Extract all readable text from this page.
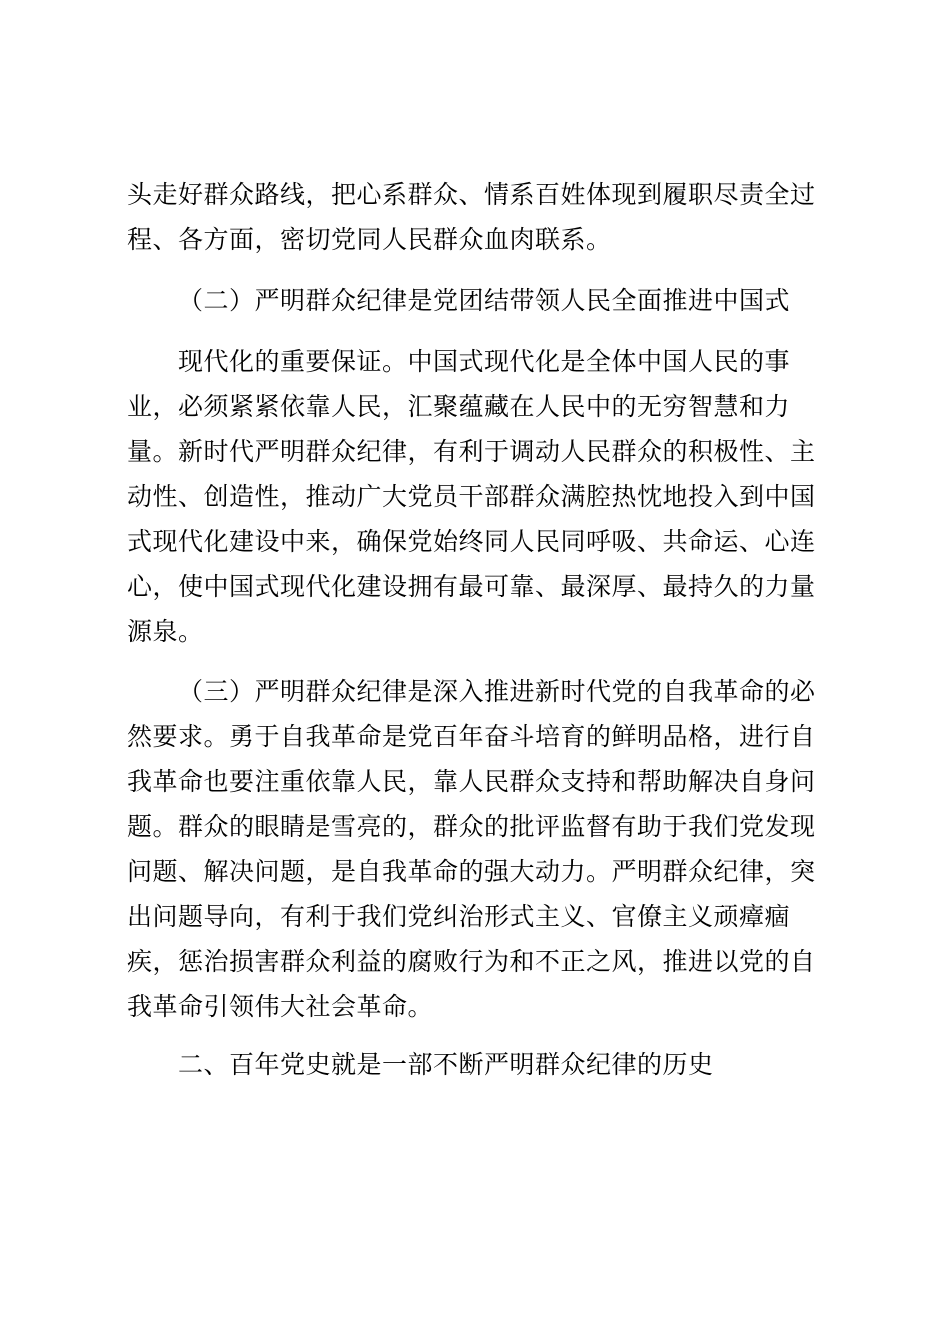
头走好群众路线，把心系群众、情系百姓体现到履职尽责全过
程、各方面，密切党同人民群众血肉联系。
（二）严明群众纪律是党团结带领人民全面推进中国式
现代化的重要保证。中国式现代化是全体中国人民的事
业，必须紧紧依靠人民，汇聚蕴藏在人民中的无穷智慧和力
量。新时代严明群众纪律，有利于调动人民群众的积极性、主
动性、创造性，推动广大党员干部群众满腔热忱地投入到中国
式现代化建设中来，确保党始终同人民同呼吸、共命运、心连
心，使中国式现代化建设拥有最可靠、最深厚、最持久的力量
源泉。
（三）严明群众纪律是深入推进新时代党的自我革命的必
然要求。勇于自我革命是党百年奋斗培育的鲜明品格，进行自
我革命也要注重依靠人民，靠人民群众支持和帮助解决自身问
题。群众的眼睛是雪亮的，群众的批评监督有助于我们党发现
问题、解决问题，是自我革命的强大动力。严明群众纪律，突
出问题导向，有利于我们党纠治形式主义、官僚主义顽瘴痼
疾，惩治损害群众利益的腐败行为和不正之风，推进以党的自
我革命引领伟大社会革命。
二、百年党史就是一部不断严明群众纪律的历史
